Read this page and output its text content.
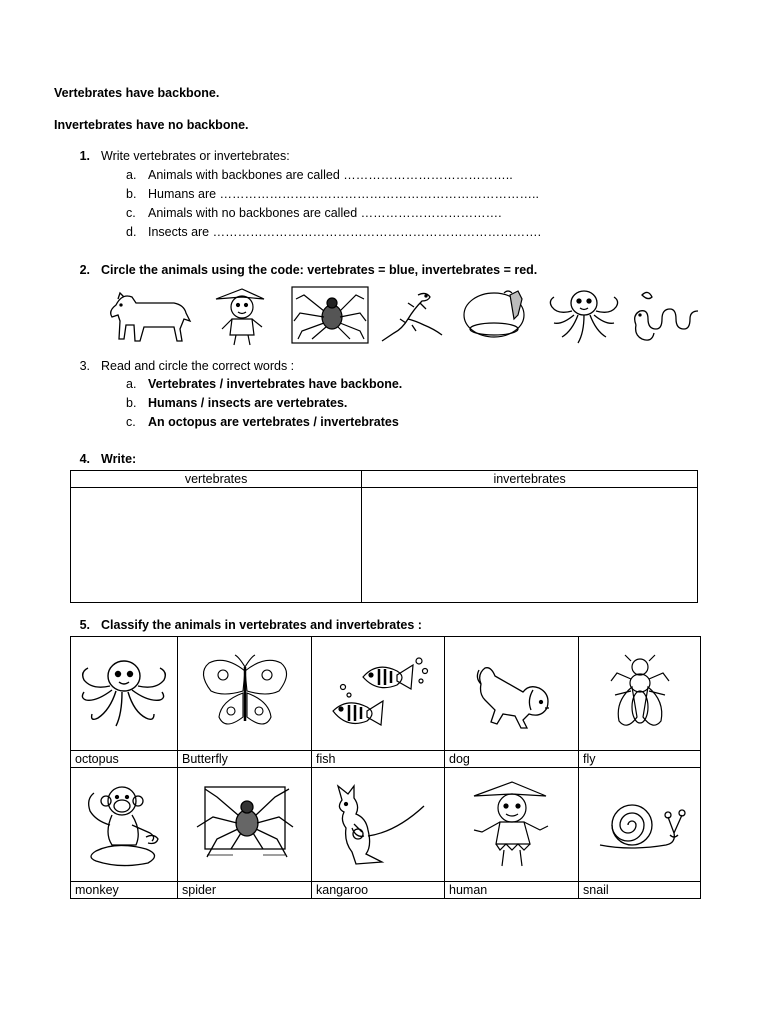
Vertebrates have backbone.
Invertebrates have no backbone.
1. Write vertebrates or invertebrates:
a. Animals with backbones are called …………………………………..
b. Humans are …………………………………………………………………..
c. Animals with no backbones are called …………………………….
d. Insects are …………………………………………………………………….
2. Circle the animals using the code: vertebrates = blue, invertebrates = red.
3. Read and circle the correct words :
a. Vertebrates / invertebrates have backbone.
b. Humans / insects are vertebrates.
c. An octopus are vertebrates / invertebrates
4. Write:
vertebrates	invertebrates

5. Classify the animals in vertebrates and invertebrates :

octopus	Butterfly	fish	dog	fly

monkey	spider	kangaroo	human	snail
